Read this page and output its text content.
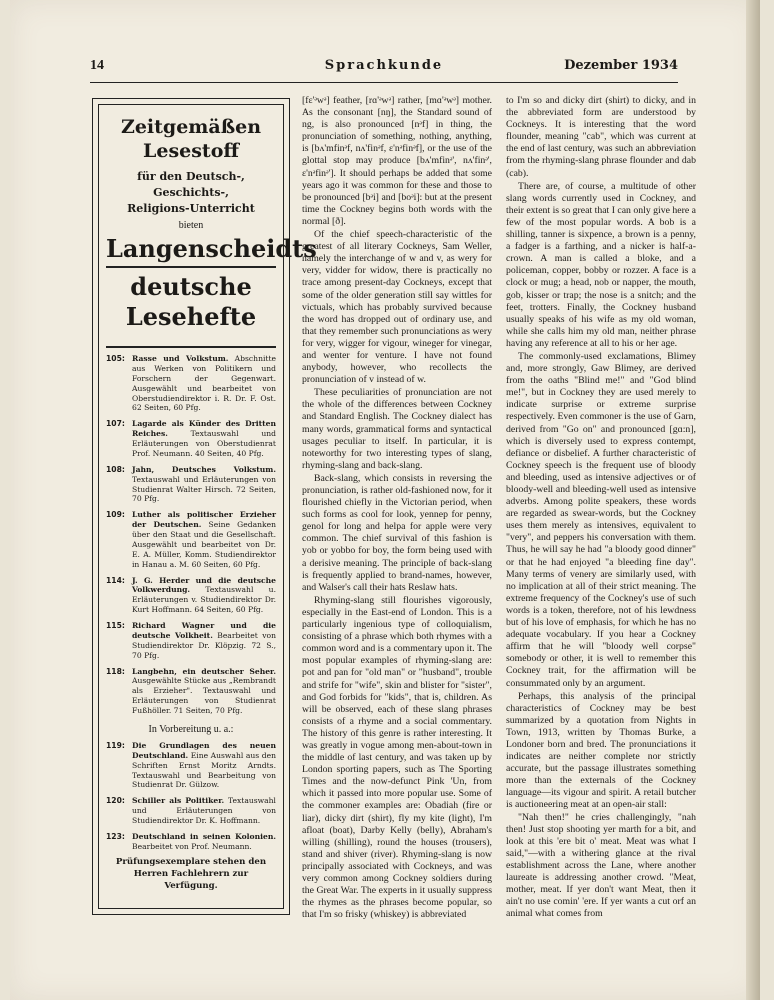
14	Sprachkunde	Dezember 1934
Zeitgemäßen Lesestoff
für den Deutsch-, Geschichts-,
Religions-Unterricht
bieten
Langenscheidts
deutsche Lesehefte
105: Rasse und Volkstum. Abschnitte aus Werken von Politikern und Forschern der Gegenwart. Ausgewählt und bearbeitet von Oberstudiendirektor i. R. Dr. F. Ost. 62 Seiten, 60 Pfg.
107: Lagarde als Künder des Dritten Reiches. Textauswahl und Erläuterungen von Oberstudienrat Prof. Neumann. 40 Seiten, 40 Pfg.
108: Jahn, Deutsches Volkstum. Textauswahl und Erläuterungen von Studienrat Walter Hirsch. 72 Seiten, 70 Pfg.
109: Luther als politischer Erzieher der Deutschen. Seine Gedanken über den Staat und die Gesellschaft. Ausgewählt und bearbeitet von Dr. E. A. Müller, Komm. Studiendirektor in Hanau a. M. 60 Seiten, 60 Pfg.
114: J. G. Herder und die deutsche Volkwerdung. Textauswahl u. Erläuterungen v. Studiendirektor Dr. Kurt Hoffmann. 64 Seiten, 60 Pfg.
115: Richard Wagner und die deutsche Volkheit. Bearbeitet von Studiendirektor Dr. Klöpzig. 72 S., 70 Pfg.
118: Langbehn, ein deutscher Seher. Ausgewählte Stücke aus „Rembrandt als Erzieher". Textauswahl und Erläuterungen von Studienrat Fußhöller. 71 Seiten, 70 Pfg.
In Vorbereitung u. a.:
119: Die Grundlagen des neuen Deutschland. Eine Auswahl aus den Schriften Ernst Moritz Arndts. Textauswahl und Bearbeitung von Studienrat Dr. Gülzow.
120: Schiller als Politiker. Textauswahl und Erläuterungen von Studiendirektor Dr. K. Hoffmann.
123: Deutschland in seinen Kolonien. Bearbeitet von Prof. Neumann.
Prüfungsexemplare stehen den Herren Fachlehrern zur Verfügung.

[fɛ'ᵊwᵊ] feather, [rɑ'ᵊwᵊ] rather, [mɑ'ᵊwᵊ] mother. As the consonant [nŋ], the Standard sound of ng, is also pronounced [nᵊf] in thing, the pronunciation of something, nothing, anything, is [bʌ'mfinᵊf, nʌ'finᵊf, ɛ'nᵊfinᵊf], or the use of the glottal stop may produce [bʌ'mfinᵊ', nʌ'finᵊ', ɛ'nᵊfinᵊ']. It should perhaps be added that some years ago it was common for these and those to be pronounced [bᵊi] and [boᵊi]: but at the present time the Cockney begins both words with the normal [ð].

Of the chief speech-characteristic of the greatest of all literary Cockneys, Sam Weller, namely the interchange of w and v, as wery for very, vidder for widow, there is practically no trace among present-day Cockneys, except that some of the older generation still say wittles for victuals, which has probably survived because the word has dropped out of ordinary use, and that they remember such pronunciations as wery for very, wigger for vigour, wineger for vinegar, and wenter for venture. I have not found anybody, however, who recollects the pronunciation of v instead of w.

These peculiarities of pronunciation are not the whole of the differences between Cockney and Standard English. The Cockney dialect has many words, grammatical forms and syntactical usages peculiar to itself. In particular, it is noteworthy for two interesting types of slang, rhyming-slang and back-slang.

Back-slang, which consists in reversing the pronunciation, is rather old-fashioned now, for it flourished chiefly in the Victorian period, when such forms as cool for look, yennep for penny, genol for long and helpa for apple were very common. The chief survival of this fashion is yob or yobbo for boy, the form being used with a derisive meaning. The principle of back-slang is frequently applied to brand-names, however, and Walser's call their hats Reslaw hats.

Rhyming-slang still flourishes vigorously, especially in the East-end of London. This is a particularly ingenious type of colloquialism, consisting of a phrase which both rhymes with a common word and is a commentary upon it. The most popular examples of rhyming-slang are: pot and pan for "old man" or "husband", trouble and strife for "wife", skin and blister for "sister", and God forbids for "kids", that is, children. As will be observed, each of these slang phrases consists of a rhyme and a social commentary. The history of this genre is rather interesting. It was greatly in vogue among men-about-town in the middle of last century, and was taken up by London sporting papers, such as The Sporting Times and the now-defunct Pink 'Un, from which it passed into more popular use. Some of the commoner examples are: Obadiah (fire or liar), dicky dirt (shirt), fly my kite (light), I'm afloat (boat), Darby Kelly (belly), Abraham's willing (shilling), round the houses (trousers), stand and shiver (river). Rhyming-slang is now principally associated with Cockneys, and was very common among Cockney soldiers during the Great War. The experts in it usually suppress the rhymes as the phrases become popular, so that I'm so frisky (whiskey) is abbreviated

to I'm so and dicky dirt (shirt) to dicky, and in the abbreviated form are understood by Cockneys. It is interesting that the word flounder, meaning "cab", which was current at the end of last century, was such an abbreviation from the rhyming-slang phrase flounder and dab (cab).

There are, of course, a multitude of other slang words currently used in Cockney, and their extent is so great that I can only give here a few of the most popular words. A bob is a shilling, tanner is sixpence, a brown is a penny, a fadger is a farthing, and a nicker is half-a-crown. A man is called a bloke, and a policeman, copper, bobby or rozzer. A face is a clock or mug; a head, nob or napper, the mouth, gob, kisser or trap; the nose is a snitch; and the feet, trotters. Finally, the Cockney husband usually speaks of his wife as my old woman, while she calls him my old man, neither phrase having any reference at all to his or her age.

The commonly-used exclamations, Blimey and, more strongly, Gaw Blimey, are derived from the oaths "Blind me!" and "God blind me!", but in Cockney they are used merely to indicate surprise or extreme surprise respectively. Even commoner is the use of Garn, derived from "Go on" and pronounced [gɑ:n], which is diversely used to express contempt, defiance or disbelief. A further characteristic of Cockney speech is the frequent use of bloody and bleeding, used as intensive adjectives or of bloody-well and bleeding-well used as intensive adverbs. Among polite speakers, these words are regarded as swear-words, but the Cockney uses them merely as intensives, equivalent to "very", and peppers his conversation with them. Thus, he will say he had "a bloody good dinner" or that he had enjoyed "a bleeding fine day". Many terms of venery are similarly used, with no implication at all of their strict meaning. The extreme frequency of the Cockney's use of such words is a token, therefore, not of his lewdness but of his love of emphasis, for which he has no adequate vocabulary. If you hear a Cockney affirm that he will "bloody well corpse" somebody or other, it is well to remember this Cockney trait, for the affirmation will be consummated only by an argument.

Perhaps, this analysis of the principal characteristics of Cockney may be best summarized by a quotation from Nights in Town, 1913, written by Thomas Burke, a Londoner born and bred. The pronunciations it indicates are neither complete nor strictly accurate, but the passage illustrates something more than the externals of the Cockney language—its vigour and spirit. A retail butcher is auctioneering meat at an open-air stall:

"Nah then!" he cries challengingly, "nah then! Just stop shooting yer marth for a bit, and look at this 'ere bit o' meat. Meat was what I said,"—with a withering glance at the rival establishment across the Lane, where another laureate is addressing another crowd. "Meat, mother, meat. If yer don't want Meat, then it ain't no use comin' 'ere. If yer wants a cut orf an animal what comes from
